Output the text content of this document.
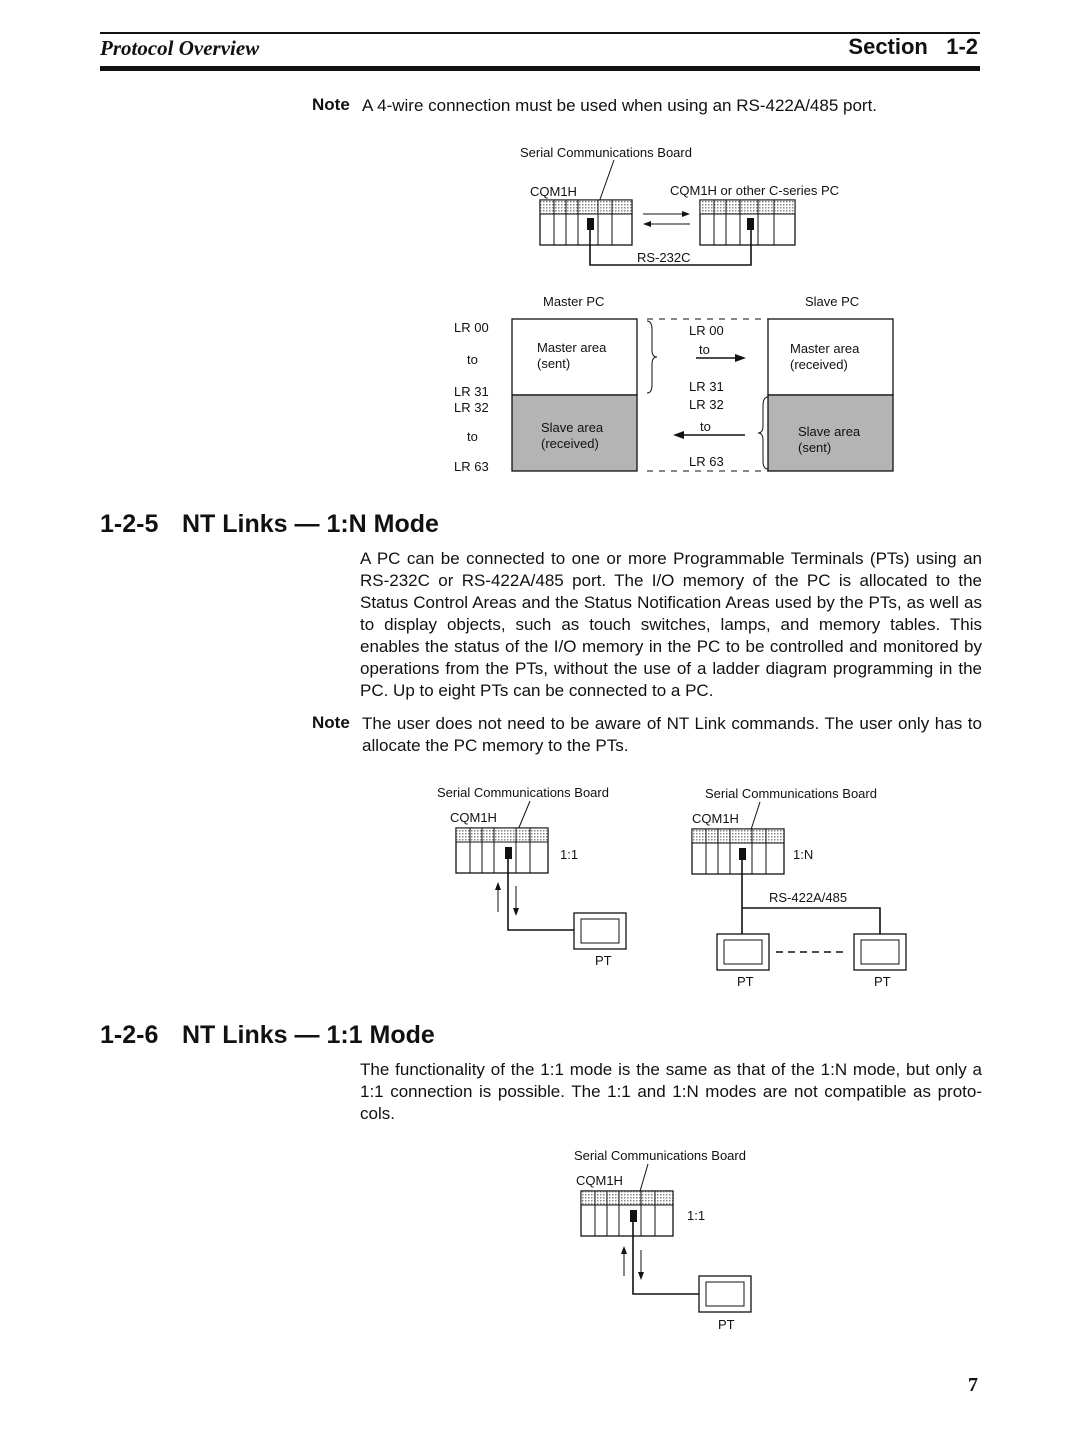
Protocol Overview	Section   1-2
Note A 4-wire connection must be used when using an RS-422A/485 port.
Serial Communications Board
CQM1H	CQM1H or other C-series PC
RS-232C
Master PC	Slave PC
LR 00
to
LR 31
LR 32
to
LR 63
Master area
(sent)
Slave area
(received)
Master area
(received)
Slave area
(sent)
LR 00
to
LR 31
LR 32
to
LR 63
1-2-5 NT Links — 1:N Mode
A PC can be connected to one or more Programmable Terminals (PTs) using an RS-232C or RS-422A/485 port. The I/O memory of the PC is allocated to the Status Control Areas and the Status Notification Areas used by the PTs, as well as to display objects, such as touch switches, lamps, and memory tables. This enables the status of the I/O memory in the PC to be controlled and monitored by operations from the PTs, without the use of a ladder diagram programming in the PC. Up to eight PTs can be connected to a PC.
Note The user does not need to be aware of NT Link commands. The user only has to allocate the PC memory to the PTs.
Serial Communications Board
CQM1H
1:1
PT
Serial Communications Board
CQM1H
1:N
RS-422A/485
PT	PT
1-2-6 NT Links — 1:1 Mode
The functionality of the 1:1 mode is the same as that of the 1:N mode, but only a 1:1 connection is possible. The 1:1 and 1:N modes are not compatible as proto-cols.
Serial Communications Board
CQM1H
1:1
PT
7
